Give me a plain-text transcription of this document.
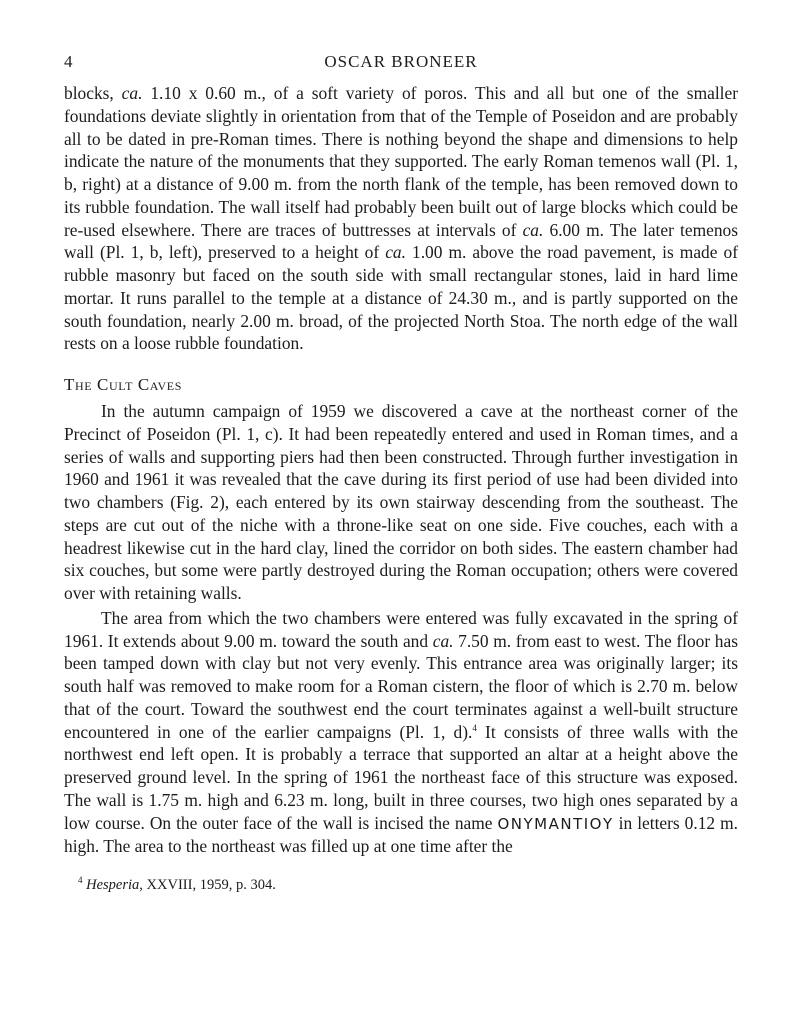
4	OSCAR BRONEER

blocks, ca. 1.10 x 0.60 m., of a soft variety of poros. This and all but one of the smaller foundations deviate slightly in orientation from that of the Temple of Poseidon and are probably all to be dated in pre-Roman times. There is nothing beyond the shape and dimensions to help indicate the nature of the monuments that they supported. The early Roman temenos wall (Pl. 1, b, right) at a distance of 9.00 m. from the north flank of the temple, has been removed down to its rubble foundation. The wall itself had probably been built out of large blocks which could be re-used elsewhere. There are traces of buttresses at intervals of ca. 6.00 m. The later temenos wall (Pl. 1, b, left), preserved to a height of ca. 1.00 m. above the road pavement, is made of rubble masonry but faced on the south side with small rectangular stones, laid in hard lime mortar. It runs parallel to the temple at a distance of 24.30 m., and is partly supported on the south foundation, nearly 2.00 m. broad, of the projected North Stoa. The north edge of the wall rests on a loose rubble foundation.

The Cult Caves

In the autumn campaign of 1959 we discovered a cave at the northeast corner of the Precinct of Poseidon (Pl. 1, c). It had been repeatedly entered and used in Roman times, and a series of walls and supporting piers had then been constructed. Through further investigation in 1960 and 1961 it was revealed that the cave during its first period of use had been divided into two chambers (Fig. 2), each entered by its own stairway descending from the southeast. The steps are cut out of the niche with a throne-like seat on one side. Five couches, each with a headrest likewise cut in the hard clay, lined the corridor on both sides. The eastern chamber had six couches, but some were partly destroyed during the Roman occupation; others were covered over with retaining walls.

The area from which the two chambers were entered was fully excavated in the spring of 1961. It extends about 9.00 m. toward the south and ca. 7.50 m. from east to west. The floor has been tamped down with clay but not very evenly. This entrance area was originally larger; its south half was removed to make room for a Roman cistern, the floor of which is 2.70 m. below that of the court. Toward the southwest end the court terminates against a well-built structure encountered in one of the earlier campaigns (Pl. 1, d).$^4$ It consists of three walls with the northwest end left open. It is probably a terrace that supported an altar at a height above the preserved ground level. In the spring of 1961 the northeast face of this structure was exposed. The wall is 1.75 m. high and 6.23 m. long, built in three courses, two high ones separated by a low course. On the outer face of the wall is incised the name ΟΝΥΜΑΝΤΙΟΥ in letters 0.12 m. high. The area to the northeast was filled up at one time after the

$^4$ Hesperia, XXVIII, 1959, p. 304.
